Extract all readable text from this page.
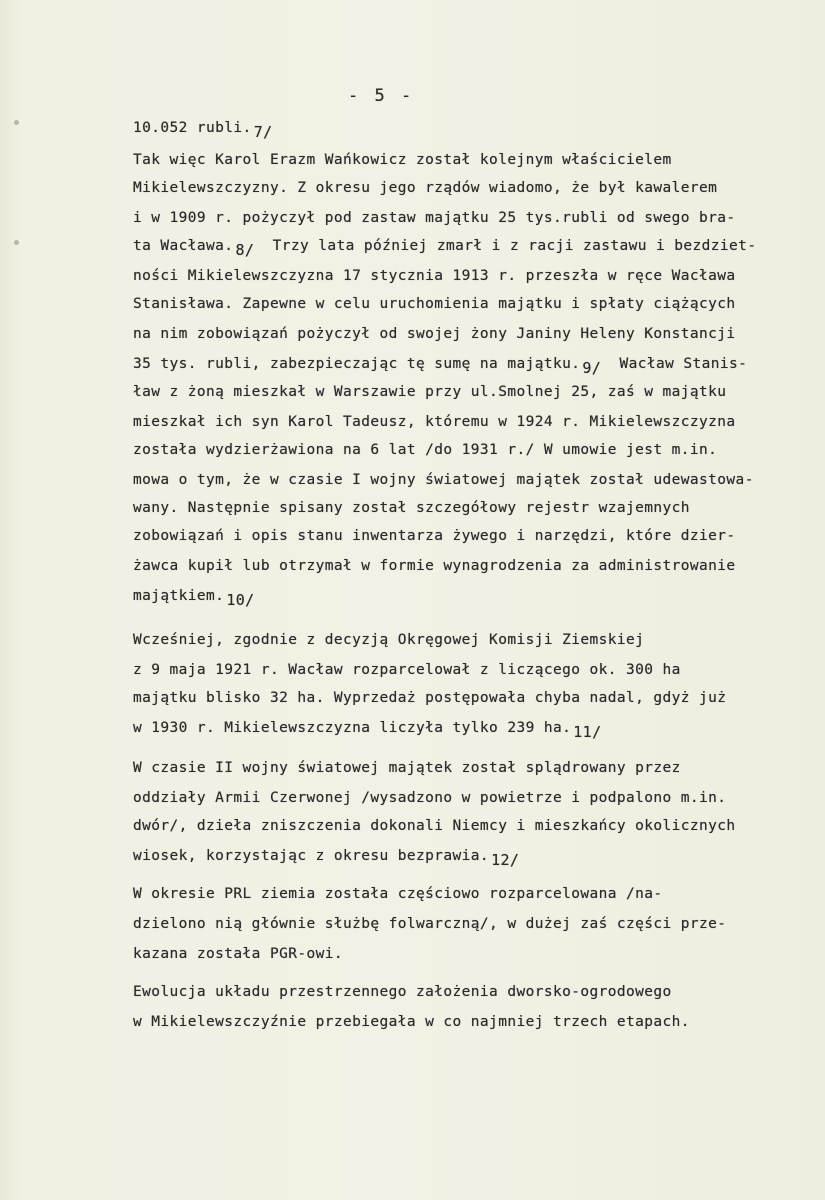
- 5 -
10.052 rubli. 7/
Tak więc Karol Erazm Wańkowicz został kolejnym właścicielem
Mikielewszczyzny. Z okresu jego rządów wiadomo, że był kawalerem
i w 1909 r. pożyczył pod zastaw majątku 25 tys.rubli od swego bra-
ta Wacława. 8/ Trzy lata później zmarł i z racji zastawu i bezdziet-
ności Mikielewszczyzna 17 stycznia 1913 r. przeszła w ręce Wacława
Stanisława. Zapewne w celu uruchomienia majątku i spłaty ciążących
na nim zobowiązań pożyczył od swojej żony Janiny Heleny Konstancji
35 tys. rubli, zabezpieczając tę sumę na majątku. 9/ Wacław Stanis-
ław z żoną mieszkał w Warszawie przy ul.Smolnej 25, zaś w majątku
mieszkał ich syn Karol Tadeusz, któremu w 1924 r. Mikielewszczyzna
została wydzierżawiona na 6 lat /do 1931 r./ W umowie jest m.in.
mowa o tym, że w czasie I wojny światowej majątek został udewastowa-
wany. Następnie spisany został szczegółowy rejestr wzajemnych
zobowiązań i opis stanu inwentarza żywego i narzędzi, które dzier-
żawca kupił lub otrzymał w formie wynagrodzenia za administrowanie
majątkiem. 10/
Wcześniej, zgodnie z decyzją Okręgowej Komisji Ziemskiej
z 9 maja 1921 r. Wacław rozparcelował z liczącego ok. 300 ha
majątku blisko 32 ha. Wyprzedaż postępowała chyba nadal, gdyż już
w 1930 r. Mikielewszczyzna liczyła tylko 239 ha. 11/
W czasie II wojny światowej majątek został splądrowany przez
oddziały Armii Czerwonej /wysadzono w powietrze i podpalono m.in.
dwór/, dzieła zniszczenia dokonali Niemcy i mieszkańcy okolicznych
wiosek, korzystając z okresu bezprawia. 12/
W okresie PRL ziemia została częściowo rozparcelowana /na-
dzielono nią głównie służbę folwarczną/, w dużej zaś części prze-
kazana została PGR-owi.
Ewolucja układu przestrzennego założenia dworsko-ogrodowego
w Mikielewszczyźnie przebiegała w co najmniej trzech etapach.
